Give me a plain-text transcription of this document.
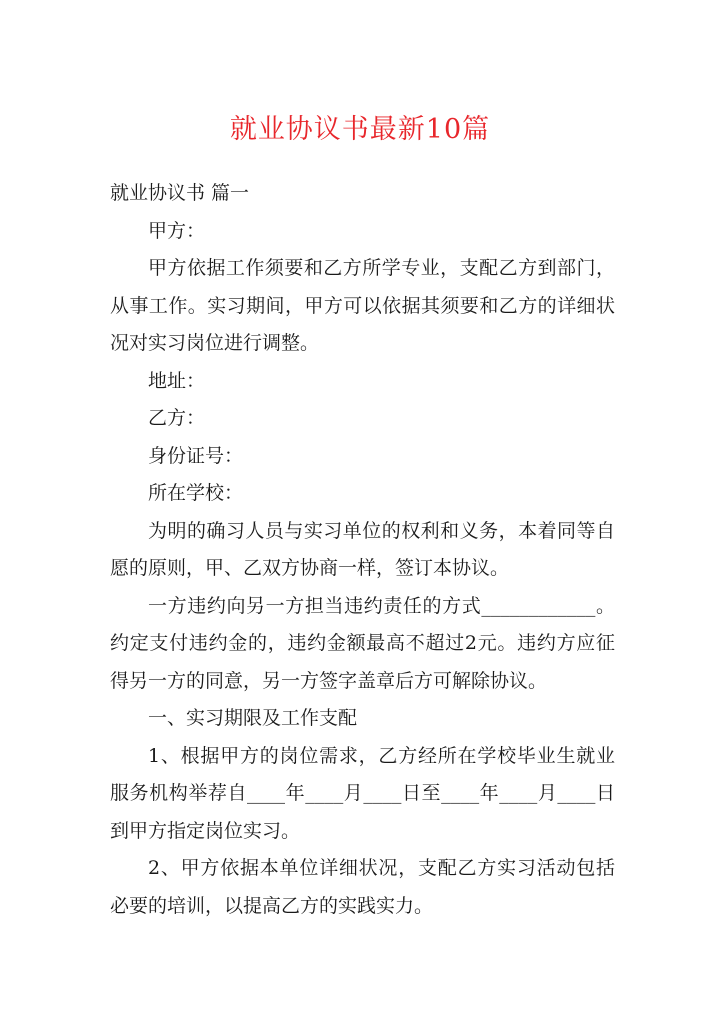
就业协议书最新10篇

就业协议书 篇一

甲方：

甲方依据工作须要和乙方所学专业，支配乙方到部门，从事工作。实习期间，甲方可以依据其须要和乙方的详细状况对实习岗位进行调整。

地址：

乙方：

身份证号：

所在学校：

为明的确习人员与实习单位的权利和义务，本着同等自愿的原则，甲、乙双方协商一样，签订本协议。

一方违约向另一方担当违约责任的方式____________。约定支付违约金的，违约金额最高不超过2元。违约方应征得另一方的同意，另一方签字盖章后方可解除协议。

一、实习期限及工作支配

1、根据甲方的岗位需求，乙方经所在学校毕业生就业服务机构举荐自____年____月____日至____年____月____日到甲方指定岗位实习。

2、甲方依据本单位详细状况，支配乙方实习活动包括必要的培训，以提高乙方的实践实力。
